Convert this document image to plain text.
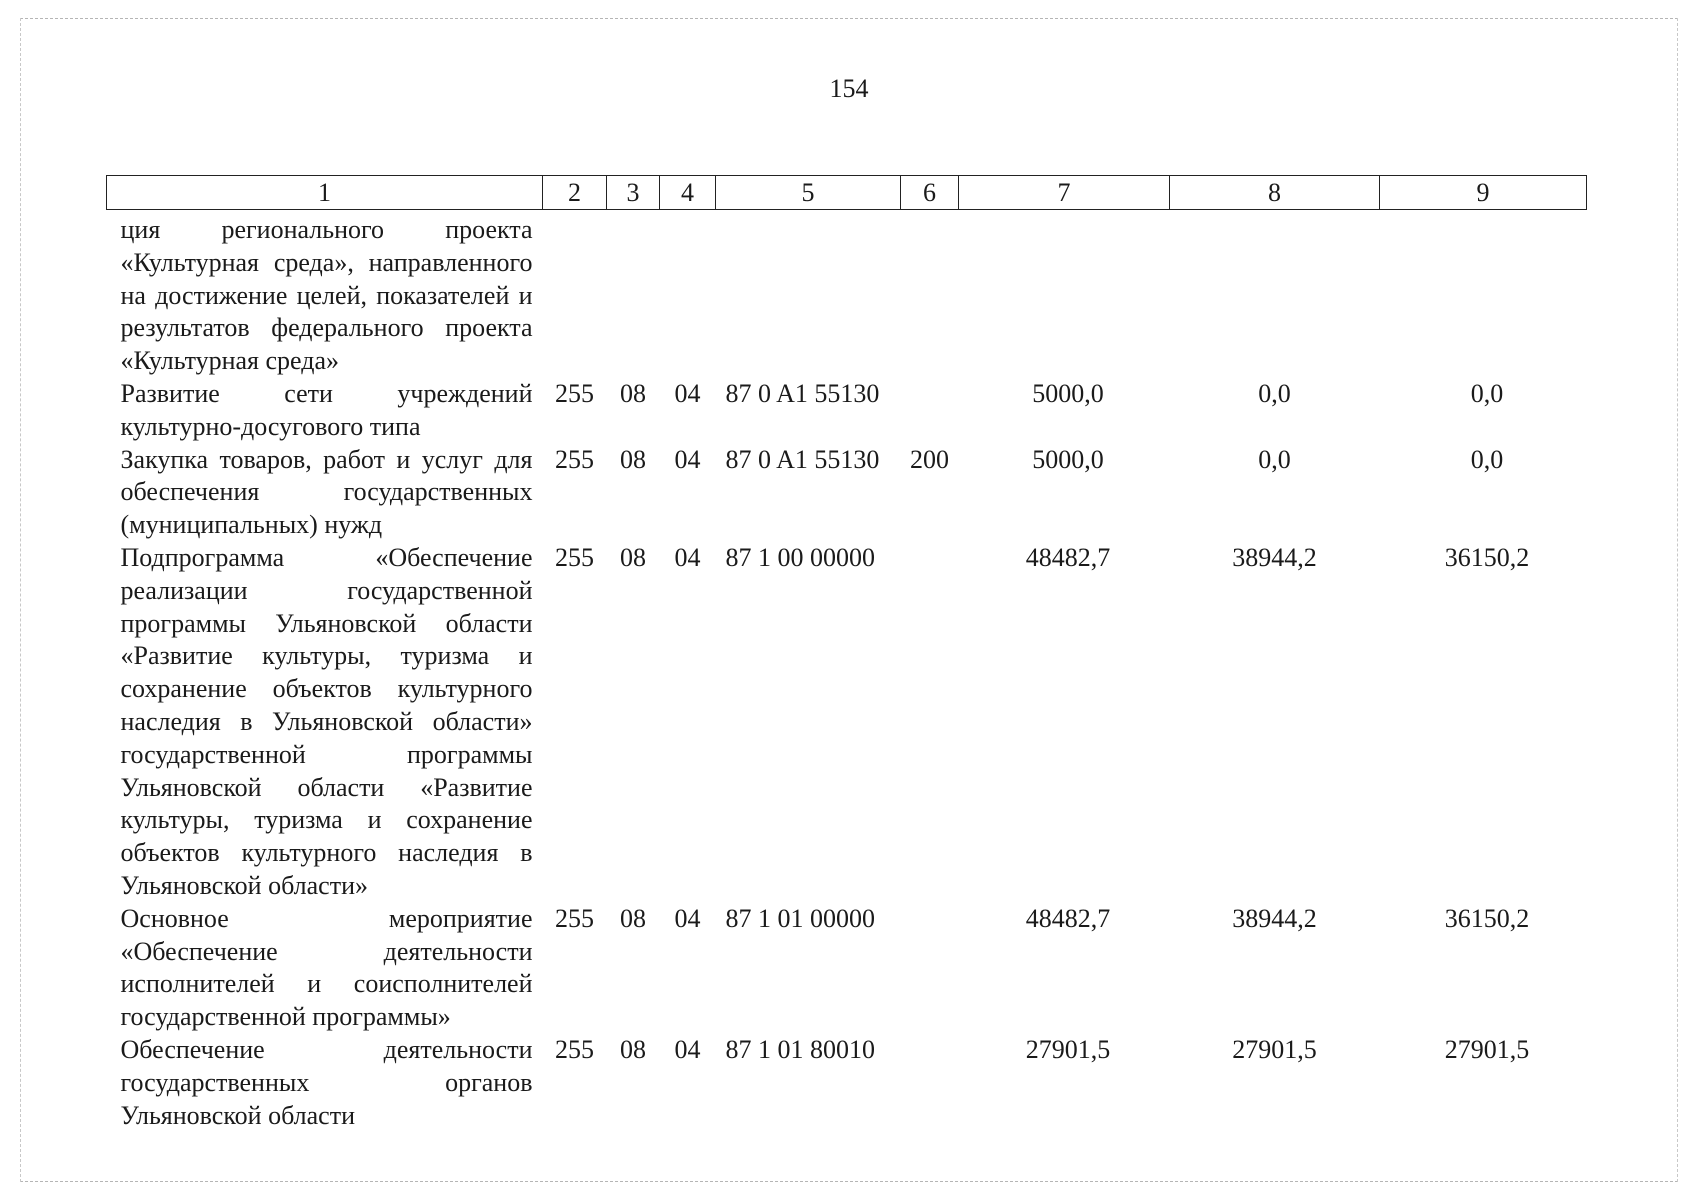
154
1	2	3	4	5	6	7	8	9
ция регионального проекта «Культурная среда», направленного на достижение целей, показателей и результатов федерального проекта «Культурная среда»								
Развитие сети учреждений культурно-досугового типа	255	08	04	87 0 A1 55130		5000,0	0,0	0,0
Закупка товаров, работ и услуг для обеспечения государственных (муниципальных) нужд	255	08	04	87 0 A1 55130	200	5000,0	0,0	0,0
Подпрограмма «Обеспечение реализации государственной программы Ульяновской области «Развитие культуры, туризма и сохранение объектов культурного наследия в Ульяновской области» государственной программы Ульяновской области «Развитие культуры, туризма и сохранение объектов культурного наследия в Ульяновской области»	255	08	04	87 1 00 00000		48482,7	38944,2	36150,2
Основное мероприятие «Обеспечение деятельности исполнителей и соисполнителей государственной программы»	255	08	04	87 1 01 00000		48482,7	38944,2	36150,2
Обеспечение деятельности государственных органов Ульяновской области	255	08	04	87 1 01 80010		27901,5	27901,5	27901,5
